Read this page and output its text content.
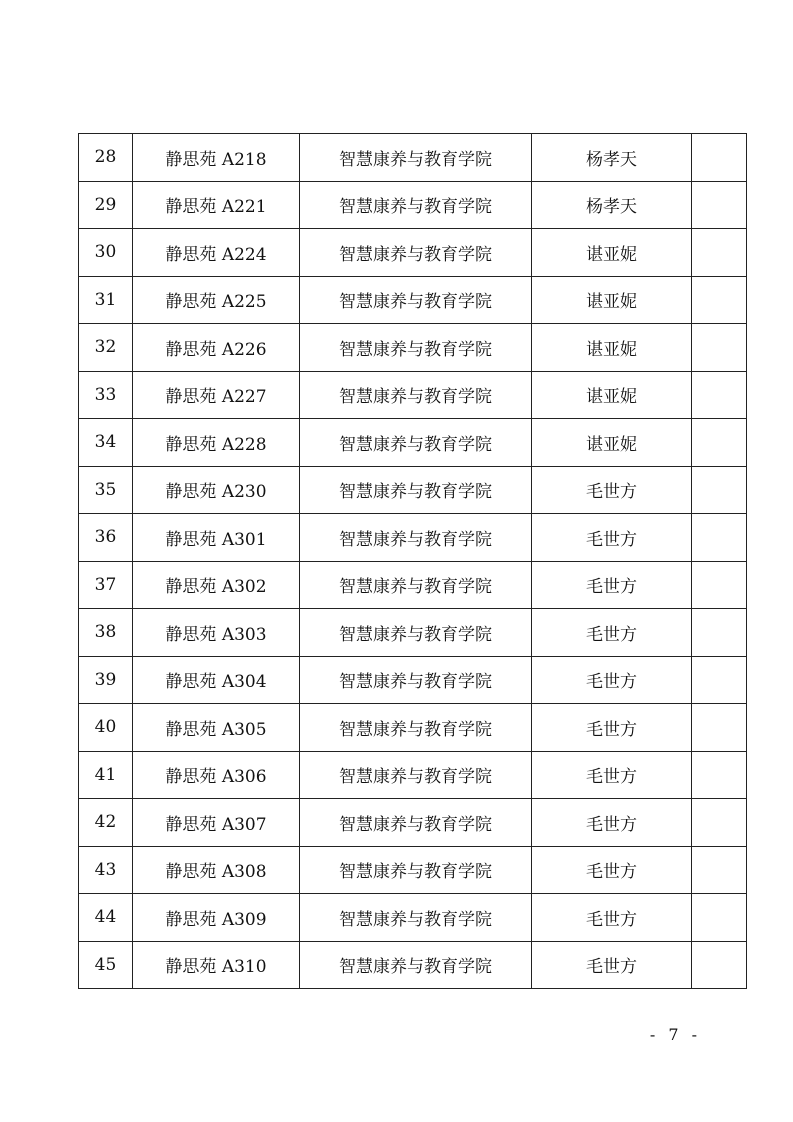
28	静思苑 A218	智慧康养与教育学院	杨孝天	
29	静思苑 A221	智慧康养与教育学院	杨孝天	
30	静思苑 A224	智慧康养与教育学院	谌亚妮	
31	静思苑 A225	智慧康养与教育学院	谌亚妮	
32	静思苑 A226	智慧康养与教育学院	谌亚妮	
33	静思苑 A227	智慧康养与教育学院	谌亚妮	
34	静思苑 A228	智慧康养与教育学院	谌亚妮	
35	静思苑 A230	智慧康养与教育学院	毛世方	
36	静思苑 A301	智慧康养与教育学院	毛世方	
37	静思苑 A302	智慧康养与教育学院	毛世方	
38	静思苑 A303	智慧康养与教育学院	毛世方	
39	静思苑 A304	智慧康养与教育学院	毛世方	
40	静思苑 A305	智慧康养与教育学院	毛世方	
41	静思苑 A306	智慧康养与教育学院	毛世方	
42	静思苑 A307	智慧康养与教育学院	毛世方	
43	静思苑 A308	智慧康养与教育学院	毛世方	
44	静思苑 A309	智慧康养与教育学院	毛世方	
45	静思苑 A310	智慧康养与教育学院	毛世方	
- 7 -
